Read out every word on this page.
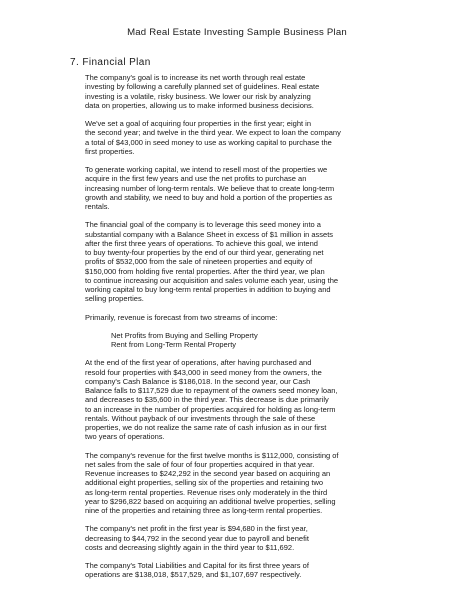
Mad Real Estate Investing Sample Business Plan
7. Financial Plan

The company's goal is to increase its net worth through real estate
investing by following a carefully planned set of guidelines. Real estate
investing is a volatile, risky business. We lower our risk by analyzing
data on properties, allowing us to make informed business decisions.

We've set a goal of acquiring four properties in the first year; eight in
the second year; and twelve in the third year. We expect to loan the company
a total of $43,000 in seed money to use as working capital to purchase the
first properties.

To generate working capital, we intend to resell most of the properties we
acquire in the first few years and use the net profits to purchase an
increasing number of long-term rentals. We believe that to create long-term
growth and stability, we need to buy and hold a portion of the properties as
rentals.

The financial goal of the company is to leverage this seed money into a
substantial company with a Balance Sheet in excess of $1 million in assets
after the first three years of operations. To achieve this goal, we intend
to buy twenty-four properties by the end of our third year, generating net
profits of $532,000 from the sale of nineteen properties and equity of
$150,000 from holding five rental properties. After the third year, we plan
to continue increasing our acquisition and sales volume each year, using the
working capital to buy long-term rental properties in addition to buying and
selling properties.

Primarily, revenue is forecast from two streams of income:

Net Profits from Buying and Selling Property
Rent from Long-Term Rental Property

At the end of the first year of operations, after having purchased and
resold four properties with $43,000 in seed money from the owners, the
company's Cash Balance is $186,018. In the second year, our Cash
Balance falls to $117,529 due to repayment of the owners seed money loan,
and decreases to $35,600 in the third year. This decrease is due primarily
to an increase in the number of properties acquired for holding as long-term
rentals. Without payback of our investments through the sale of these
properties, we do not realize the same rate of cash infusion as in our first
two years of operations.

The company's revenue for the first twelve months is $112,000, consisting of
net sales from the sale of four of four properties acquired in that year.
Revenue increases to $242,292 in the second year based on acquiring an
additional eight properties, selling six of the properties and retaining two
as long-term rental properties. Revenue rises only moderately in the third
year to $296,822 based on acquiring an additional twelve properties, selling
nine of the properties and retaining three as long-term rental properties.

The company's net profit in the first year is $94,680 in the first year,
decreasing to $44,792 in the second year due to payroll and benefit
costs and decreasing slightly again in the third year to $11,692.

The company's Total Liabilities and Capital for its first three years of
operations are $138,018, $517,529, and $1,107,697 respectively.
